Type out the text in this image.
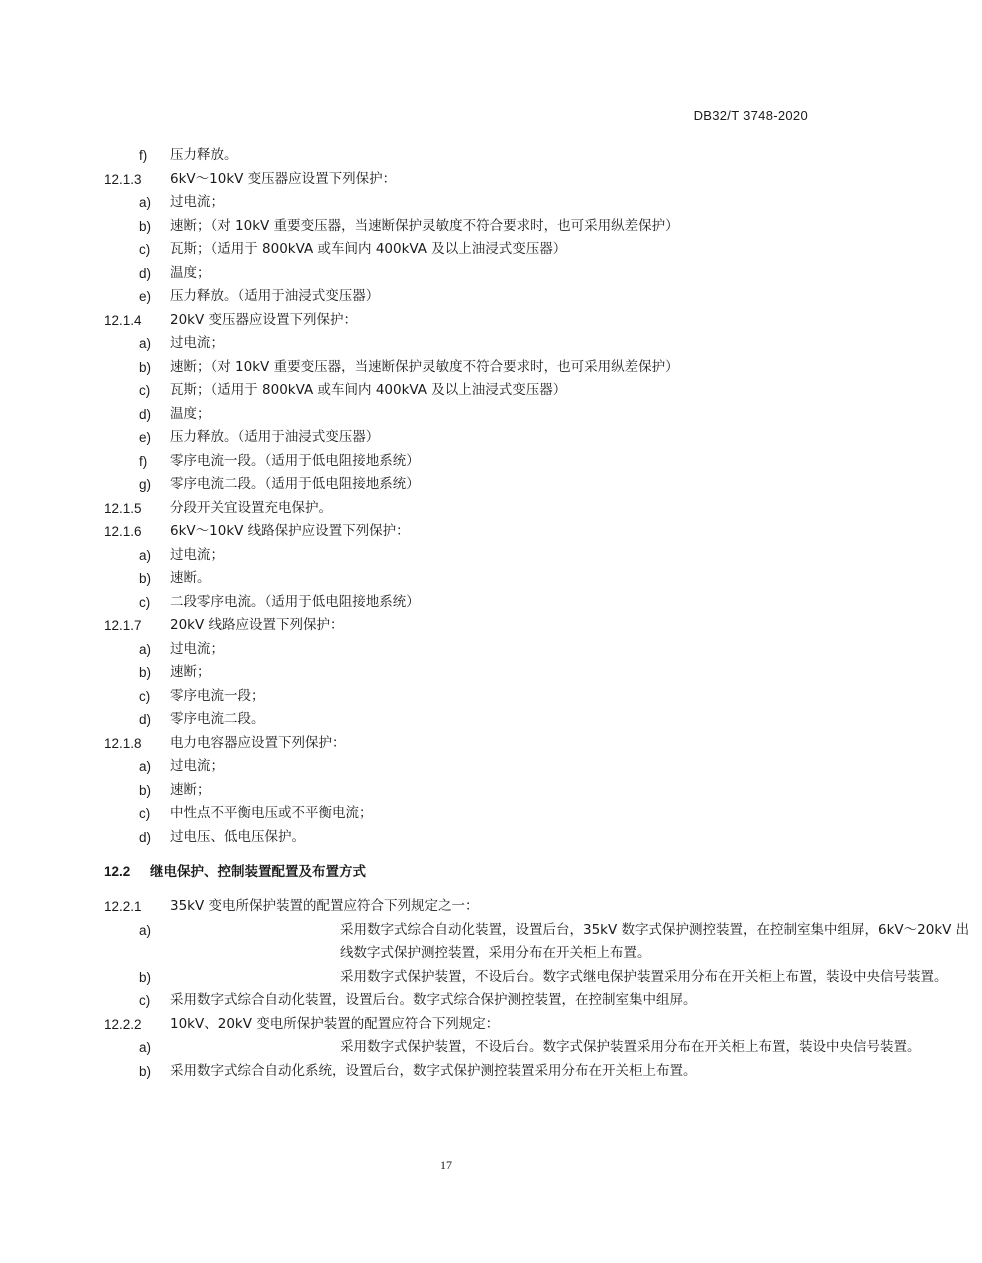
DB32/T 3748-2020
f) 压力释放。
12.1.3 6kV～10kV 变压器应设置下列保护：
a) 过电流；
b) 速断；（对 10kV 重要变压器，当速断保护灵敏度不符合要求时，也可采用纵差保护）
c) 瓦斯；（适用于 800kVA 或车间内 400kVA 及以上油浸式变压器）
d) 温度；
e) 压力释放。（适用于油浸式变压器）
12.1.4 20kV 变压器应设置下列保护：
a) 过电流；
b) 速断；（对 10kV 重要变压器，当速断保护灵敏度不符合要求时，也可采用纵差保护）
c) 瓦斯；（适用于 800kVA 或车间内 400kVA 及以上油浸式变压器）
d) 温度；
e) 压力释放。（适用于油浸式变压器）
f) 零序电流一段。（适用于低电阻接地系统）
g) 零序电流二段。（适用于低电阻接地系统）
12.1.5 分段开关宜设置充电保护。
12.1.6 6kV～10kV 线路保护应设置下列保护：
a) 过电流；
b) 速断。
c) 二段零序电流。（适用于低电阻接地系统）
12.1.7 20kV 线路应设置下列保护：
a) 过电流；
b) 速断；
c) 零序电流一段；
d) 零序电流二段。
12.1.8 电力电容器应设置下列保护：
a) 过电流；
b) 速断；
c) 中性点不平衡电压或不平衡电流；
d) 过电压、低电压保护。
12.2 继电保护、控制装置配置及布置方式
12.2.1 35kV 变电所保护装置的配置应符合下列规定之一：
a)	采用数字式综合自动化装置，设置后台，35kV 数字式保护测控装置，在控制室集中组屏，6kV～20kV 出线数字式保护测控装置，采用分布在开关柜上布置。
b)	采用数字式保护装置，不设后台。数字式继电保护装置采用分布在开关柜上布置，装设中央信号装置。
c) 采用数字式综合自动化装置，设置后台。数字式综合保护测控装置，在控制室集中组屏。
12.2.2 10kV、20kV 变电所保护装置的配置应符合下列规定：
a)	采用数字式保护装置，不设后台。数字式保护装置采用分布在开关柜上布置，装设中央信号装置。
b) 采用数字式综合自动化系统，设置后台，数字式保护测控装置采用分布在开关柜上布置。
17
